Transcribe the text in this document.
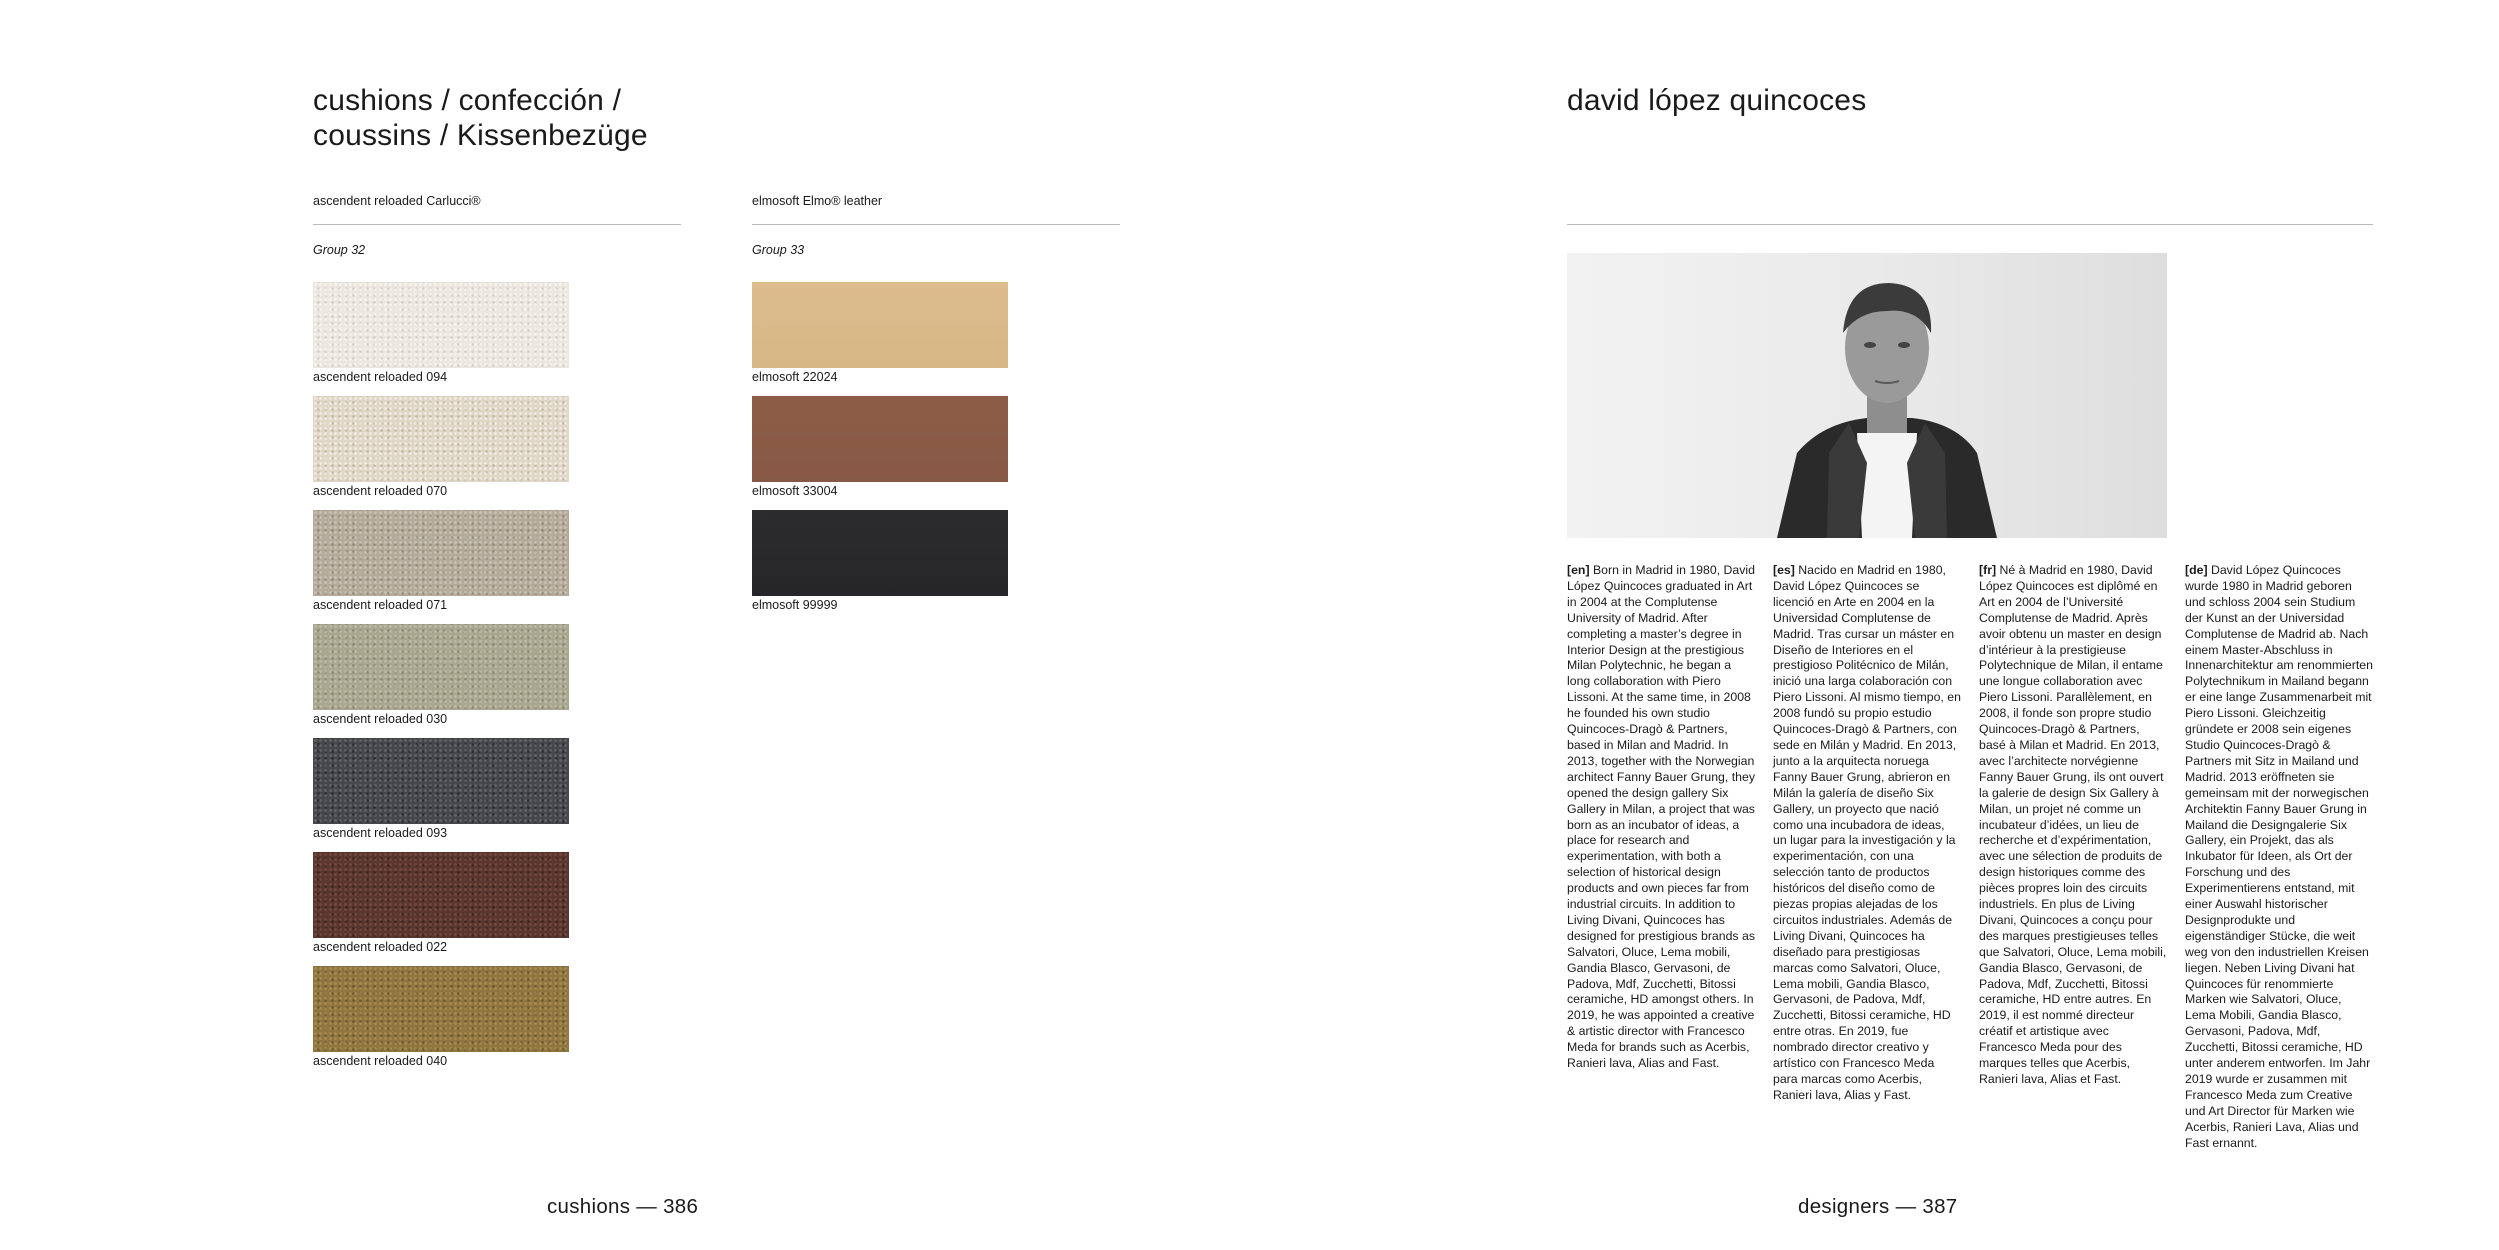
cushions / confección /
coussins / Kissenbezüge
ascendent reloaded Carlucci®
Group 32
ascendent reloaded 094
ascendent reloaded 070
ascendent reloaded 071
ascendent reloaded 030
ascendent reloaded 093
ascendent reloaded 022
ascendent reloaded 040
elmosoft Elmo® leather
Group 33
elmosoft 22024
elmosoft 33004
elmosoft 99999
cushions — 386
david lópez quincoces
[en] Born in Madrid in 1980, David López Quincoces graduated in Art in 2004 at the Complutense University of Madrid. After completing a master’s degree in Interior Design at the prestigious Milan Polytechnic, he began a long collaboration with Piero Lissoni. At the same time, in 2008 he founded his own studio Quincoces-Dragò & Partners, based in Milan and Madrid. In 2013, together with the Norwegian architect Fanny Bauer Grung, they opened the design gallery Six Gallery in Milan, a project that was born as an incubator of ideas, a place for research and experimentation, with both a selection of historical design products and own pieces far from industrial circuits. In addition to Living Divani, Quincoces has designed for prestigious brands as Salvatori, Oluce, Lema mobili, Gandia Blasco, Gervasoni, de Padova, Mdf, Zucchetti, Bitossi ceramiche, HD amongst others. In 2019, he was appointed a creative & artistic director with Francesco Meda for brands such as Acerbis, Ranieri lava, Alias and Fast.
[es] Nacido en Madrid en 1980, David López Quincoces se licenció en Arte en 2004 en la Universidad Complutense de Madrid. Tras cursar un máster en Diseño de Interiores en el prestigioso Politécnico de Milán, inició una larga colaboración con Piero Lissoni. Al mismo tiempo, en 2008 fundó su propio estudio Quincoces-Dragò & Partners, con sede en Milán y Madrid. En 2013, junto a la arquitecta noruega Fanny Bauer Grung, abrieron en Milán la galería de diseño Six Gallery, un proyecto que nació como una incubadora de ideas, un lugar para la investigación y la experimentación, con una selección tanto de productos históricos del diseño como de piezas propias alejadas de los circuitos industriales. Además de Living Divani, Quincoces ha diseñado para prestigiosas marcas como Salvatori, Oluce, Lema mobili, Gandia Blasco, Gervasoni, de Padova, Mdf, Zucchetti, Bitossi ceramiche, HD entre otras. En 2019, fue nombrado director creativo y artístico con Francesco Meda para marcas como Acerbis, Ranieri lava, Alias y Fast.
[fr] Né à Madrid en 1980, David López Quincoces est diplômé en Art en 2004 de l’Université Complutense de Madrid. Après avoir obtenu un master en design d’intérieur à la prestigieuse Polytechnique de Milan, il entame une longue collaboration avec Piero Lissoni. Parallèlement, en 2008, il fonde son propre studio Quincoces-Dragò & Partners, basé à Milan et Madrid. En 2013, avec l’architecte norvégienne Fanny Bauer Grung, ils ont ouvert la galerie de design Six Gallery à Milan, un projet né comme un incubateur d’idées, un lieu de recherche et d’expérimentation, avec une sélection de produits de design historiques comme des pièces propres loin des circuits industriels. En plus de Living Divani, Quincoces a conçu pour des marques prestigieuses telles que Salvatori, Oluce, Lema mobili, Gandia Blasco, Gervasoni, de Padova, Mdf, Zucchetti, Bitossi ceramiche, HD entre autres. En 2019, il est nommé directeur créatif et artistique avec Francesco Meda pour des marques telles que Acerbis, Ranieri lava, Alias et Fast.
[de] David López Quincoces wurde 1980 in Madrid geboren und schloss 2004 sein Studium der Kunst an der Universidad Complutense de Madrid ab. Nach einem Master-Abschluss in Innenarchitektur am renommierten Polytechnikum in Mailand begann er eine lange Zusammenarbeit mit Piero Lissoni. Gleichzeitig gründete er 2008 sein eigenes Studio Quincoces-Dragò & Partners mit Sitz in Mailand und Madrid. 2013 eröffneten sie gemeinsam mit der norwegischen Architektin Fanny Bauer Grung in Mailand die Designgalerie Six Gallery, ein Projekt, das als Inkubator für Ideen, als Ort der Forschung und des Experimentierens entstand, mit einer Auswahl historischer Designprodukte und eigenständiger Stücke, die weit weg von den industriellen Kreisen liegen. Neben Living Divani hat Quincoces für renommierte Marken wie Salvatori, Oluce, Lema Mobili, Gandia Blasco, Gervasoni, Padova, Mdf, Zucchetti, Bitossi ceramiche, HD unter anderem entworfen. Im Jahr 2019 wurde er zusammen mit Francesco Meda zum Creative und Art Director für Marken wie Acerbis, Ranieri Lava, Alias und Fast ernannt.
designers — 387
